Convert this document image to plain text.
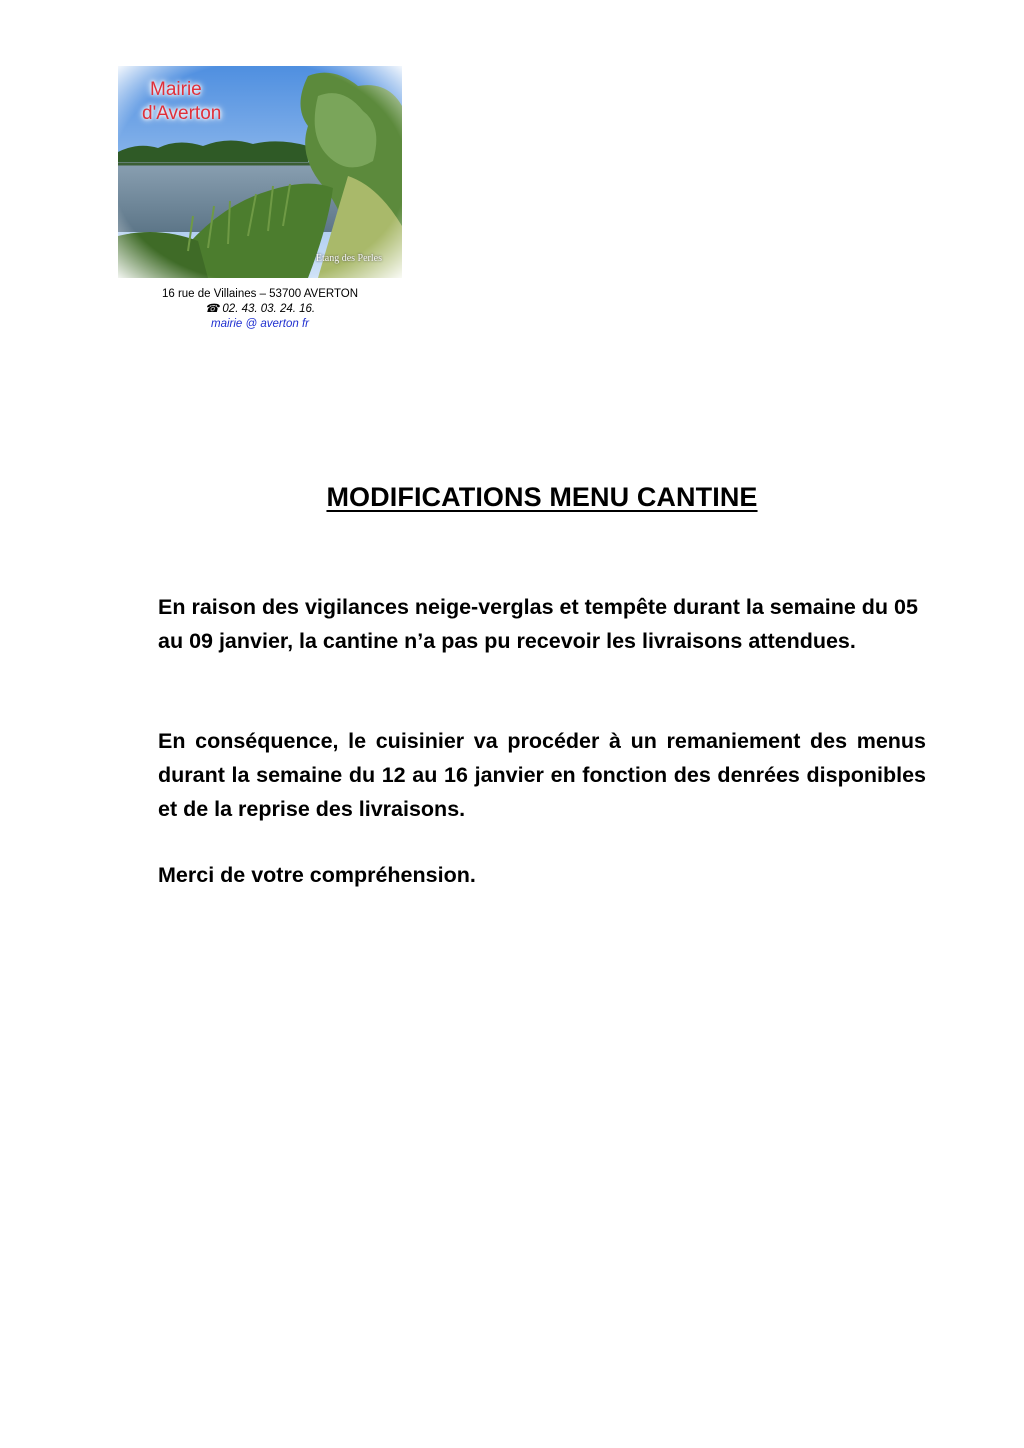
Mairie
d'Averton
Etang des Perles
16 rue de Villaines – 53700 AVERTON
☎ 02. 43. 03. 24. 16.
mairie @ averton fr
MODIFICATIONS MENU CANTINE

En raison des vigilances neige-verglas et tempête durant la semaine du 05 au 09 janvier, la cantine n’a pas pu recevoir les livraisons attendues.

En conséquence, le cuisinier va procéder à un remaniement des menus durant la semaine du 12 au 16 janvier en fonction des denrées disponibles et de la reprise des livraisons.

Merci de votre compréhension.
